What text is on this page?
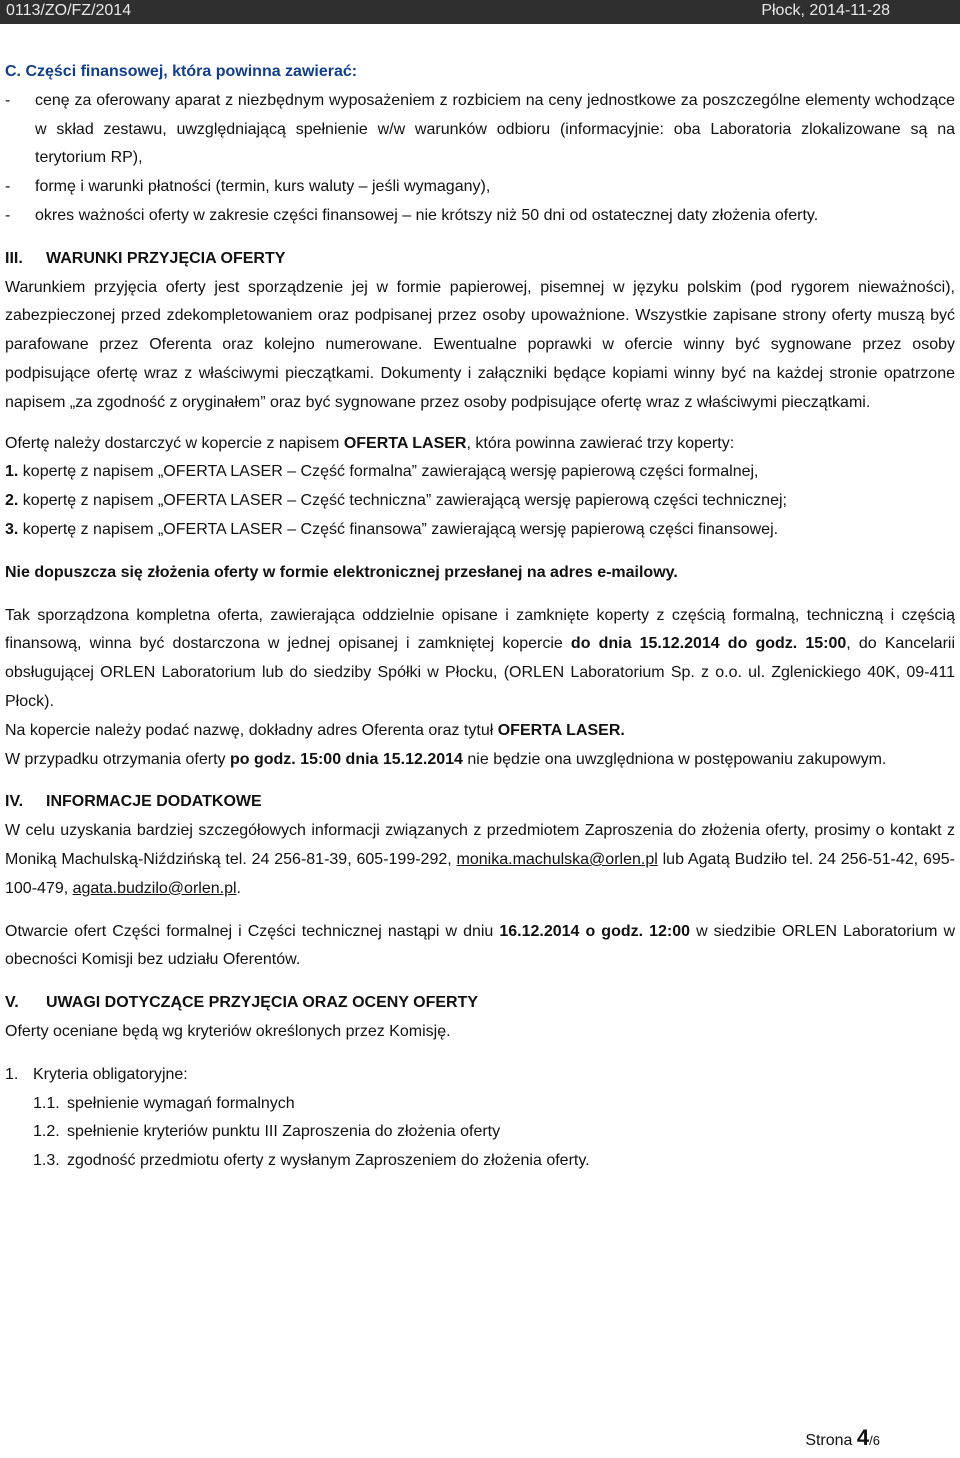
0113/ZO/FZ/2014	Płock, 2014-11-28

C. Części finansowej, która powinna zawierać:

-	cenę za oferowany aparat z niezbędnym wyposażeniem z rozbiciem na ceny jednostkowe za poszczególne elementy wchodzące w skład zestawu, uwzględniającą spełnienie w/w warunków odbioru (informacyjnie: oba Laboratoria zlokalizowane są na terytorium RP),
-	formę i warunki płatności (termin, kurs waluty – jeśli wymagany),
-	okres ważności oferty w zakresie części finansowej – nie krótszy niż 50 dni od ostatecznej daty złożenia oferty.

III.	WARUNKI PRZYJĘCIA OFERTY

Warunkiem przyjęcia oferty jest sporządzenie jej w formie papierowej, pisemnej w języku polskim (pod rygorem nieważności), zabezpieczonej przed zdekompletowaniem oraz podpisanej przez osoby upoważnione. Wszystkie zapisane strony oferty muszą być parafowane przez Oferenta oraz kolejno numerowane. Ewentualne poprawki w ofercie winny być sygnowane przez osoby podpisujące ofertę wraz z właściwymi pieczątkami. Dokumenty i załączniki będące kopiami winny być na każdej stronie opatrzone napisem „za zgodność z oryginałem” oraz być sygnowane przez osoby podpisujące ofertę wraz z właściwymi pieczątkami.

Ofertę należy dostarczyć w kopercie z napisem OFERTA LASER, która powinna zawierać trzy koperty:

1. kopertę z napisem „OFERTA LASER – Część formalna” zawierającą wersję papierową części formalnej,

2. kopertę z napisem „OFERTA LASER – Część techniczna” zawierającą wersję papierową części technicznej;

3. kopertę z napisem „OFERTA LASER – Część finansowa” zawierającą wersję papierową części finansowej.

Nie dopuszcza się złożenia oferty w formie elektronicznej przesłanej na adres e-mailowy.

Tak sporządzona kompletna oferta, zawierająca oddzielnie opisane i zamknięte koperty z częścią formalną, techniczną i częścią finansową, winna być dostarczona w jednej opisanej i zamkniętej kopercie do dnia 15.12.2014 do godz. 15:00, do Kancelarii obsługującej ORLEN Laboratorium lub do siedziby Spółki w Płocku, (ORLEN Laboratorium Sp. z o.o. ul. Zglenickiego 40K, 09-411 Płock).

Na kopercie należy podać nazwę, dokładny adres Oferenta oraz tytuł OFERTA LASER.

W przypadku otrzymania oferty po godz. 15:00 dnia 15.12.2014 nie będzie ona uwzględniona w postępowaniu zakupowym.

IV.	INFORMACJE DODATKOWE

W celu uzyskania bardziej szczegółowych informacji związanych z przedmiotem Zaproszenia do złożenia oferty, prosimy o kontakt z Moniką Machulską-Niździńską tel. 24 256-81-39, 605-199-292, monika.machulska@orlen.pl lub Agatą Budziło tel. 24 256-51-42, 695-100-479, agata.budzilo@orlen.pl.

Otwarcie ofert Części formalnej i Części technicznej nastąpi w dniu 16.12.2014 o godz. 12:00 w siedzibie ORLEN Laboratorium w obecności Komisji bez udziału Oferentów.

V.	UWAGI DOTYCZĄCE PRZYJĘCIA ORAZ OCENY OFERTY

Oferty oceniane będą wg kryteriów określonych przez Komisję.

1. Kryteria obligatoryjne:

1.1. spełnienie wymagań formalnych

1.2. spełnienie kryteriów punktu III Zaproszenia do złożenia oferty

1.3. zgodność przedmiotu oferty z wysłanym Zaproszeniem do złożenia oferty.

Strona 4/6
